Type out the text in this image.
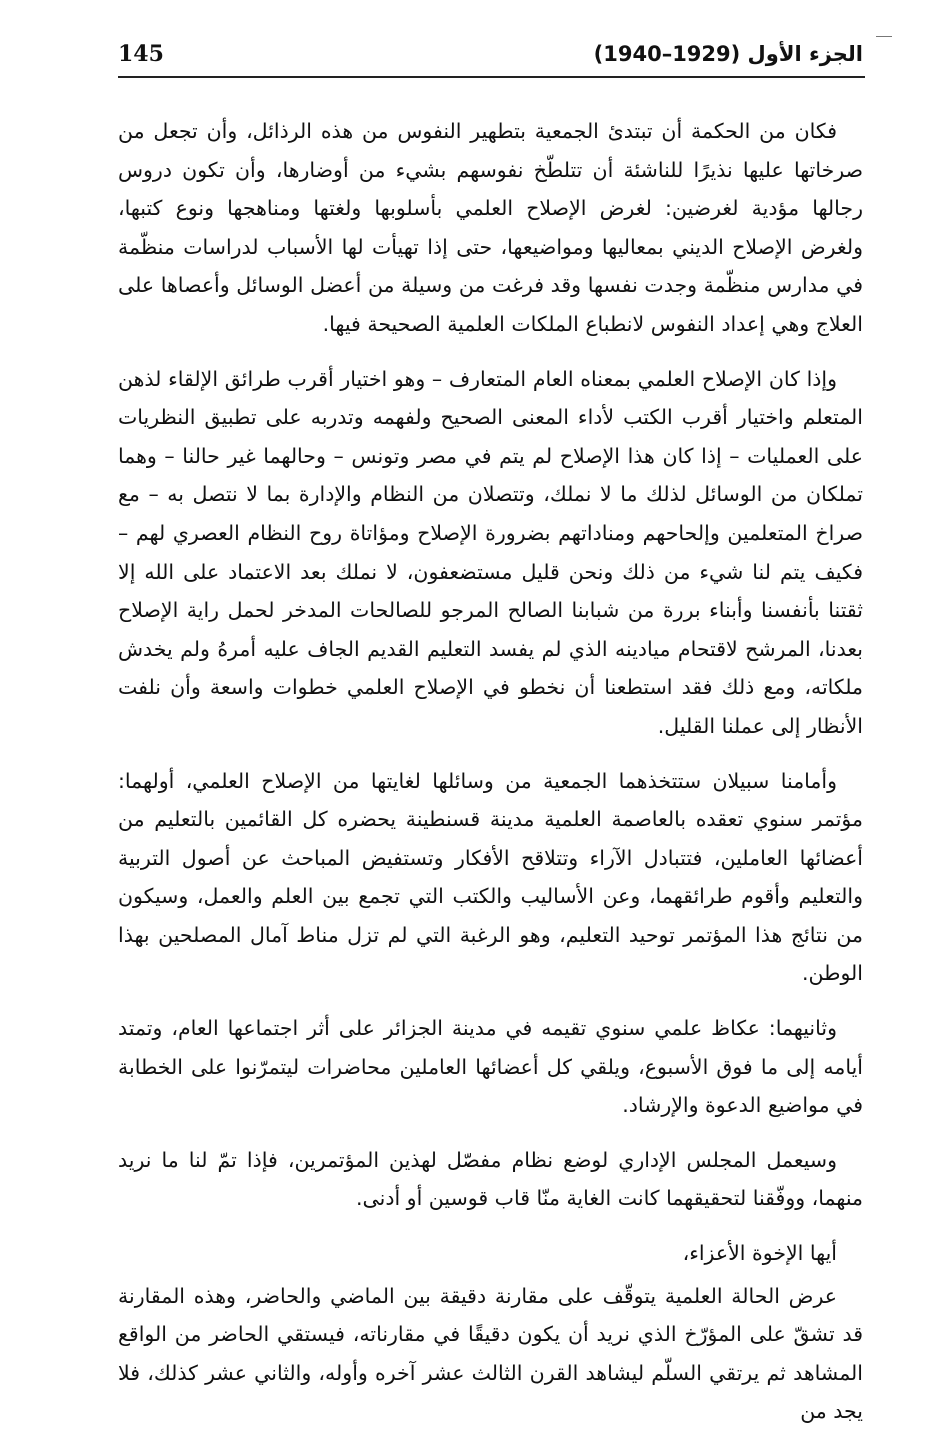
145	الجزء الأول (1929–1940)

فكان من الحكمة أن تبتدئ الجمعية بتطهير النفوس من هذه الرذائل، وأن تجعل من صرخاتها عليها نذيرًا للناشئة أن تتلطّخ نفوسهم بشيء من أوضارها، وأن تكون دروس رجالها مؤدية لغرضين: لغرض الإصلاح العلمي بأسلوبها ولغتها ومناهجها ونوع كتبها، ولغرض الإصلاح الديني بمعاليها ومواضيعها، حتى إذا تهيأت لها الأسباب لدراسات منظّمة في مدارس منظّمة وجدت نفسها وقد فرغت من وسيلة من أعضل الوسائل وأعصاها على العلاج وهي إعداد النفوس لانطباع الملكات العلمية الصحيحة فيها.

وإذا كان الإصلاح العلمي بمعناه العام المتعارف – وهو اختيار أقرب طرائق الإلقاء لذهن المتعلم واختيار أقرب الكتب لأداء المعنى الصحيح ولفهمه وتدربه على تطبيق النظريات على العمليات – إذا كان هذا الإصلاح لم يتم في مصر وتونس – وحالهما غير حالنا – وهما تملكان من الوسائل لذلك ما لا نملك، وتتصلان من النظام والإدارة بما لا نتصل به – مع صراخ المتعلمين وإلحاحهم ومناداتهم بضرورة الإصلاح ومؤاتاة روح النظام العصري لهم – فكيف يتم لنا شيء من ذلك ونحن قليل مستضعفون، لا نملك بعد الاعتماد على الله إلا ثقتنا بأنفسنا وأبناء بررة من شبابنا الصالح المرجو للصالحات المدخر لحمل راية الإصلاح بعدنا، المرشح لاقتحام ميادينه الذي لم يفسد التعليم القديم الجاف عليه أمرهُ ولم يخدش ملكاته، ومع ذلك فقد استطعنا أن نخطو في الإصلاح العلمي خطوات واسعة وأن نلفت الأنظار إلى عملنا القليل.

وأمامنا سبيلان ستتخذهما الجمعية من وسائلها لغايتها من الإصلاح العلمي، أولهما: مؤتمر سنوي تعقده بالعاصمة العلمية مدينة قسنطينة يحضره كل القائمين بالتعليم من أعضائها العاملين، فتتبادل الآراء وتتلاقح الأفكار وتستفيض المباحث عن أصول التربية والتعليم وأقوم طرائقهما، وعن الأساليب والكتب التي تجمع بين العلم والعمل، وسيكون من نتائج هذا المؤتمر توحيد التعليم، وهو الرغبة التي لم تزل مناط آمال المصلحين بهذا الوطن.

وثانيهما: عكاظ علمي سنوي تقيمه في مدينة الجزائر على أثر اجتماعها العام، وتمتد أيامه إلى ما فوق الأسبوع، ويلقي كل أعضائها العاملين محاضرات ليتمرّنوا على الخطابة في مواضيع الدعوة والإرشاد.

وسيعمل المجلس الإداري لوضع نظام مفصّل لهذين المؤتمرين، فإذا تمّ لنا ما نريد منهما، ووفّقنا لتحقيقهما كانت الغاية منّا قاب قوسين أو أدنى.

أيها الإخوة الأعزاء،

عرض الحالة العلمية يتوقّف على مقارنة دقيقة بين الماضي والحاضر، وهذه المقارنة قد تشقّ على المؤرّخ الذي نريد أن يكون دقيقًا في مقارناته، فيستقي الحاضر من الواقع المشاهد ثم يرتقي السلّم ليشاهد القرن الثالث عشر آخره وأوله، والثاني عشر كذلك، فلا يجد من
